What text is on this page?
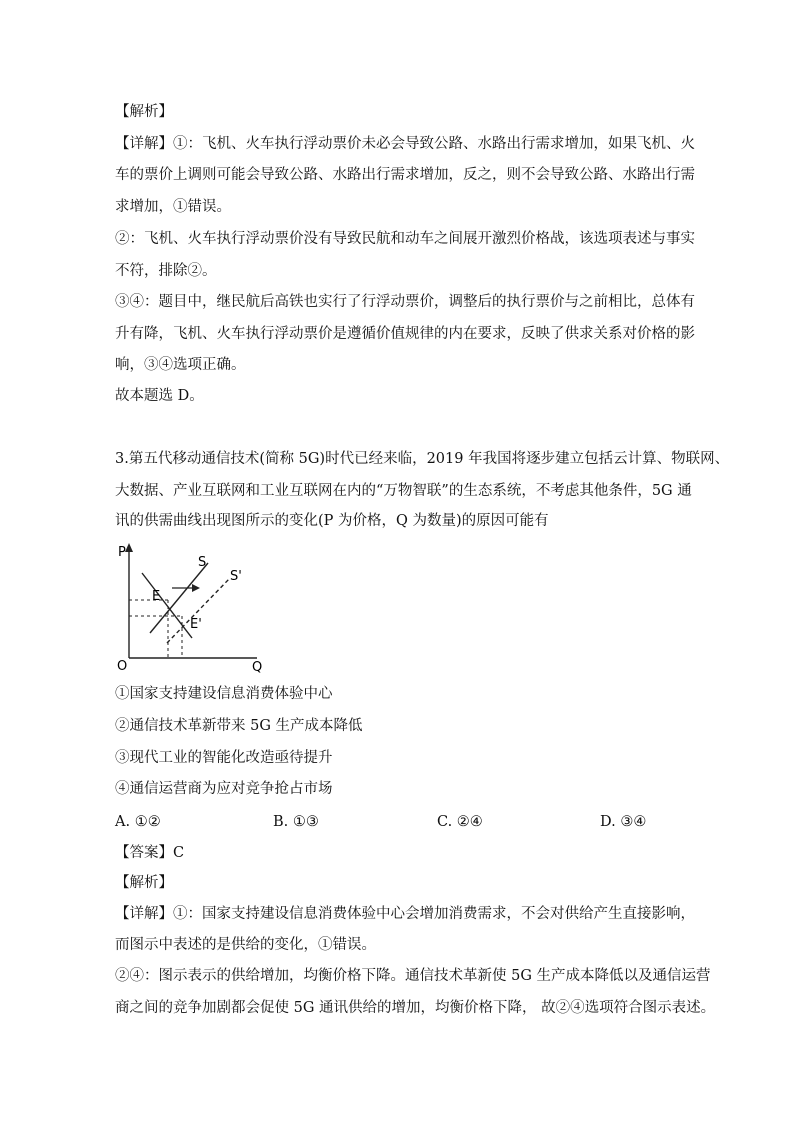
【解析】
【详解】①：飞机、火车执行浮动票价未必会导致公路、水路出行需求增加，如果飞机、火
车的票价上调则可能会导致公路、水路出行需求增加，反之，则不会导致公路、水路出行需
求增加，①错误。
②：飞机、火车执行浮动票价没有导致民航和动车之间展开激烈价格战，该选项表述与事实
不符，排除②。
③④：题目中，继民航后高铁也实行了行浮动票价，调整后的执行票价与之前相比，总体有
升有降，飞机、火车执行浮动票价是遵循价值规律的内在要求，反映了供求关系对价格的影
响，③④选项正确。
故本题选 D。
3.第五代移动通信技术(简称 5G)时代已经来临，2019 年我国将逐步建立包括云计算、物联网、
大数据、产业互联网和工业互联网在内的“万物智联”的生态系统，不考虑其他条件，5G 通
讯的供需曲线出现图所示的变化(P 为价格，Q 为数量)的原因可能有
P
Q
O
S
S'
E
E'
①国家支持建设信息消费体验中心
②通信技术革新带来 5G 生产成本降低
③现代工业的智能化改造亟待提升
④通信运营商为应对竞争抢占市场
A. ①②	B. ①③	C. ②④	D. ③④
【答案】C
【解析】
【详解】①：国家支持建设信息消费体验中心会增加消费需求，不会对供给产生直接影响，
而图示中表述的是供给的变化，①错误。
②④：图示表示的供给增加，均衡价格下降。通信技术革新使 5G 生产成本降低以及通信运营
商之间的竞争加剧都会促使 5G 通讯供给的增加，均衡价格下降， 故②④选项符合图示表述。
